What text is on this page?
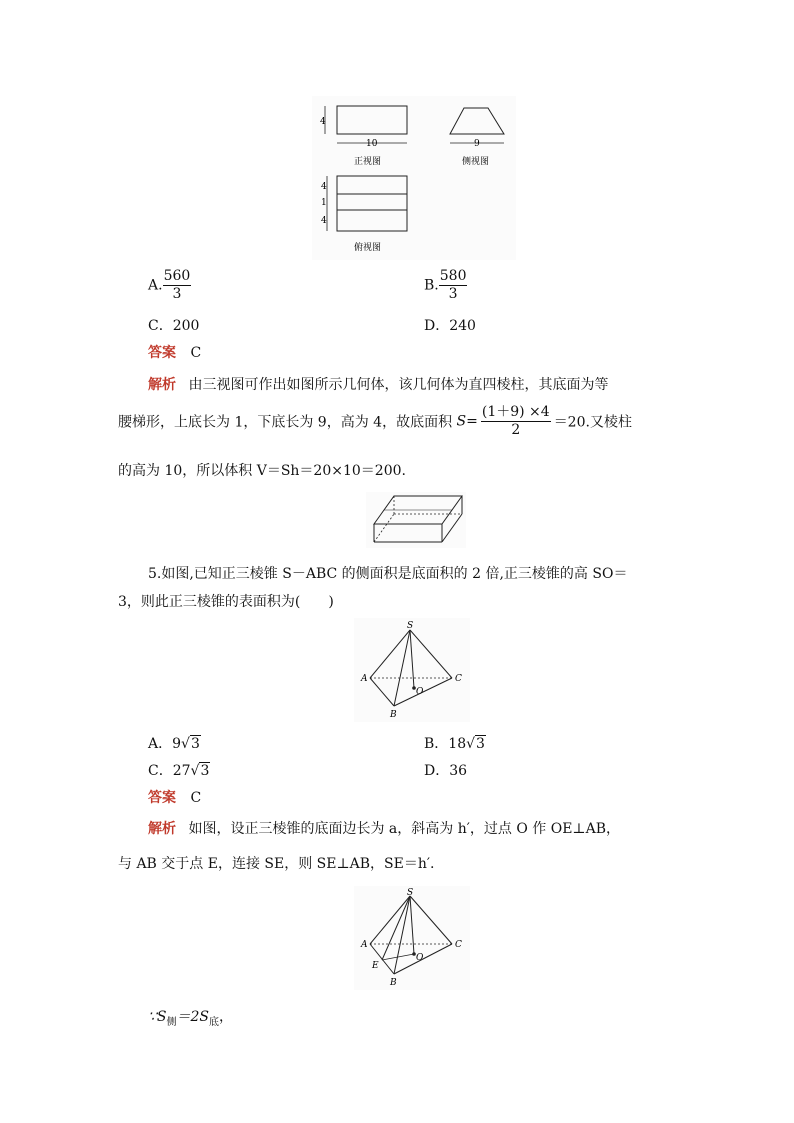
4
10
正视图
9
侧视图
4
1
4
俯视图
A. $\frac{560}{3}$	B. $\frac{580}{3}$
C．200	D．240
答案 C
解析 由三视图可作出如图所示几何体，该几何体为直四棱柱，其底面为等
腰梯形，上底长为 1，下底长为 9，高为 4，故底面积 $S= \frac{(1+9) \times 4}{2} =20$.又棱柱
的高为 10，所以体积 V＝Sh＝20×10＝200.
5.如图,已知正三棱锥 S－ABC 的侧面积是底面积的 2 倍,正三棱锥的高 SO＝
3，则此正三棱锥的表面积为(　　)
S
A	C
B
O
A．9√3	B．18√3
C．27√3	D．36
答案 C
解析 如图，设正三棱锥的底面边长为 a，斜高为 h′，过点 O 作 OE⊥AB，
与 AB 交于点 E，连接 SE，则 SE⊥AB，SE＝h′.
S
A	C
B
O
E
$\because S_侧=2S_底$，
